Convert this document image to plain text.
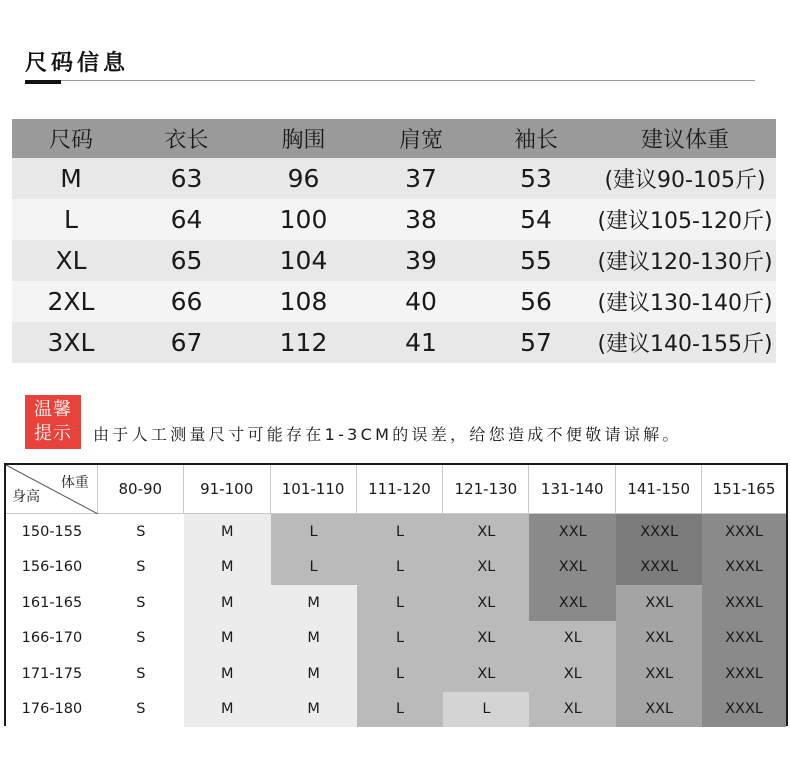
尺码信息
尺码	衣长	胸围	肩宽	袖长	建议体重
M	63	96	37	53	(建议90-105斤)
L	64	100	38	54	(建议105-120斤)
XL	65	104	39	55	(建议120-130斤)
2XL	66	108	40	56	(建议130-140斤)
3XL	67	112	41	57	(建议140-155斤)
温馨
提示 由于人工测量尺寸可能存在1-3CM的误差，给您造成不便敬请谅解。
体重
身高	80-90	91-100	101-110	111-120	121-130	131-140	141-150	151-165
150-155	S	M	L	L	XL	XXL	XXXL	XXXL
156-160	S	M	L	L	XL	XXL	XXXL	XXXL
161-165	S	M	M	L	XL	XXL	XXL	XXXL
166-170	S	M	M	L	XL	XL	XXL	XXXL
171-175	S	M	M	L	XL	XL	XXL	XXXL
176-180	S	M	M	L	L	XL	XXL	XXXL
